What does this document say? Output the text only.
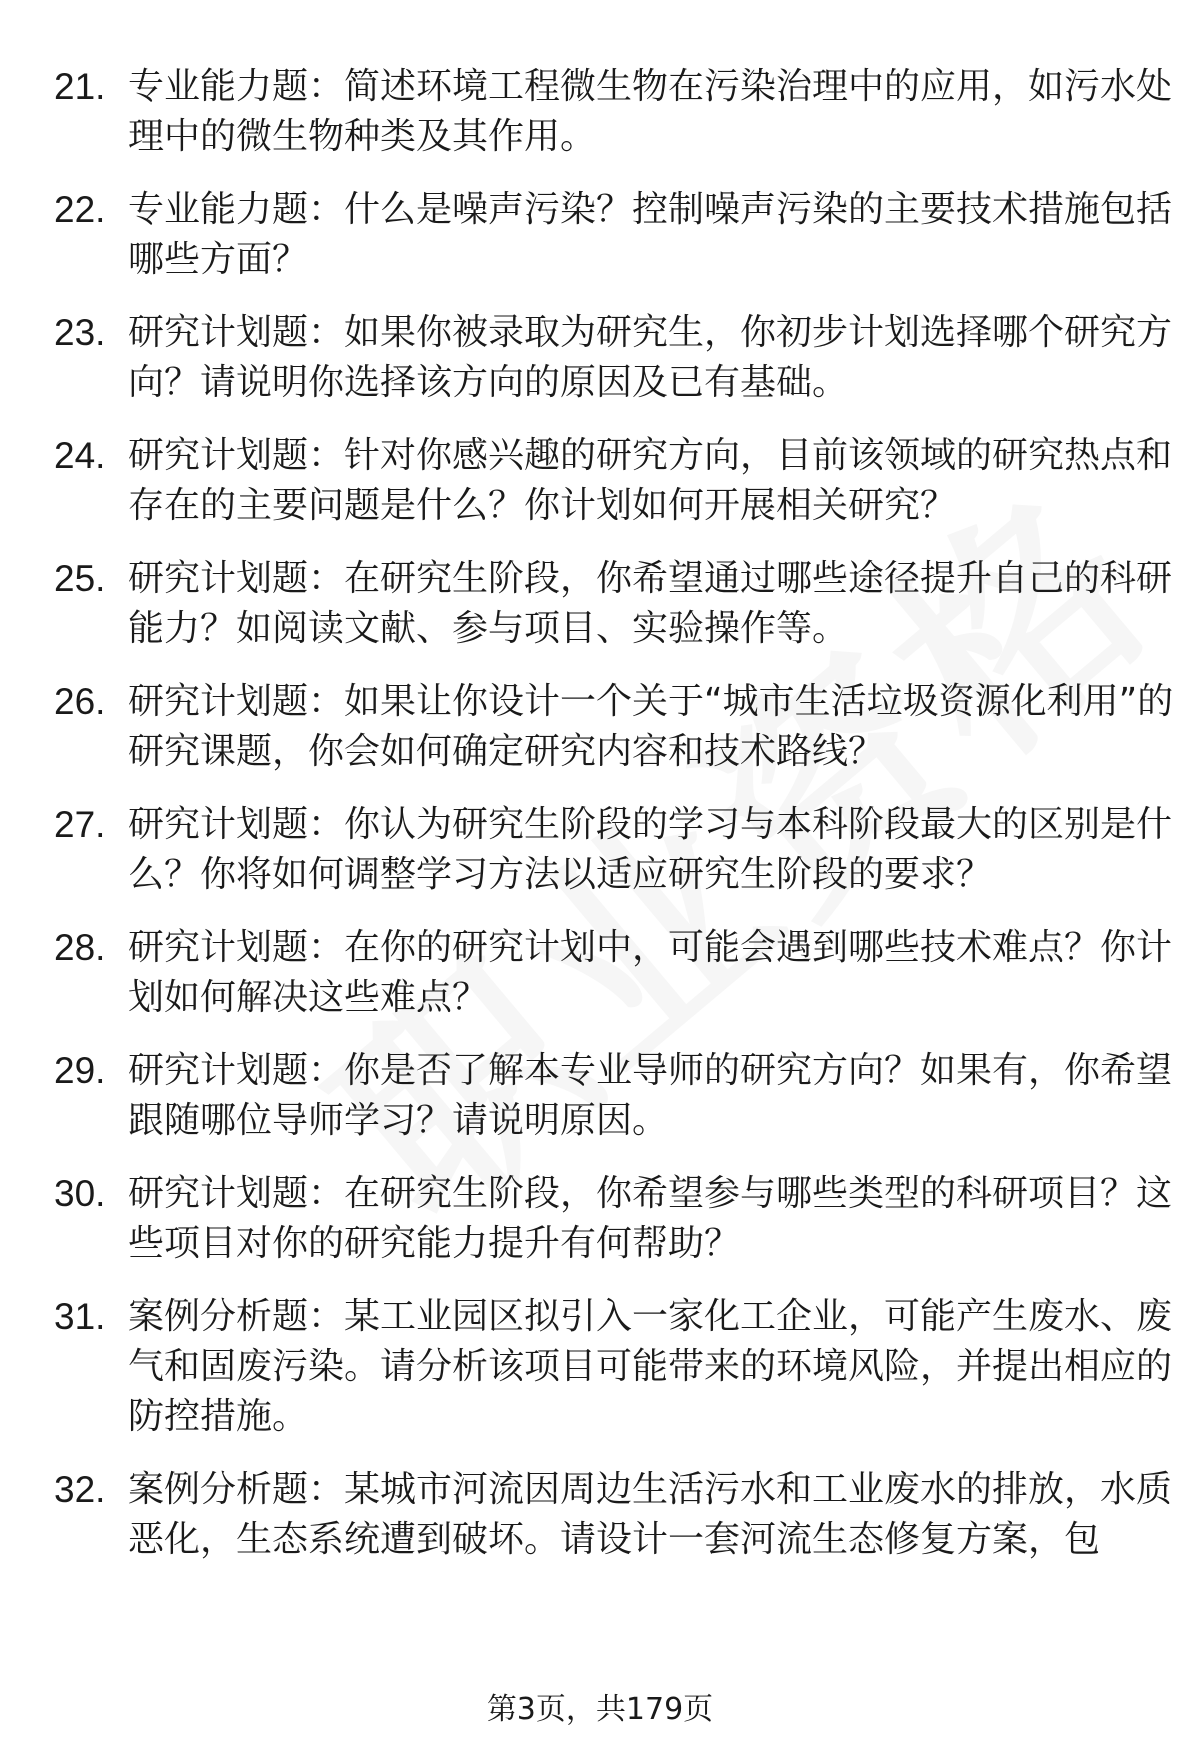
21. 专业能力题：简述环境工程微生物在污染治理中的应用，如污水处理中的微生物种类及其作用。
22. 专业能力题：什么是噪声污染？控制噪声污染的主要技术措施包括哪些方面？
23. 研究计划题：如果你被录取为研究生，你初步计划选择哪个研究方向？请说明你选择该方向的原因及已有基础。
24. 研究计划题：针对你感兴趣的研究方向，目前该领域的研究热点和存在的主要问题是什么？你计划如何开展相关研究？
25. 研究计划题：在研究生阶段，你希望通过哪些途径提升自己的科研能力？如阅读文献、参与项目、实验操作等。
26. 研究计划题：如果让你设计一个关于“城市生活垃圾资源化利用”的研究课题，你会如何确定研究内容和技术路线？
27. 研究计划题：你认为研究生阶段的学习与本科阶段最大的区别是什么？你将如何调整学习方法以适应研究生阶段的要求？
28. 研究计划题：在你的研究计划中，可能会遇到哪些技术难点？你计划如何解决这些难点？
29. 研究计划题：你是否了解本专业导师的研究方向？如果有，你希望跟随哪位导师学习？请说明原因。
30. 研究计划题：在研究生阶段，你希望参与哪些类型的科研项目？这些项目对你的研究能力提升有何帮助？
31. 案例分析题：某工业园区拟引入一家化工企业，可能产生废水、废气和固废污染。请分析该项目可能带来的环境风险，并提出相应的防控措施。
32. 案例分析题：某城市河流因周边生活污水和工业废水的排放，水质恶化，生态系统遭到破坏。请设计一套河流生态修复方案，包
第3页，共179页
